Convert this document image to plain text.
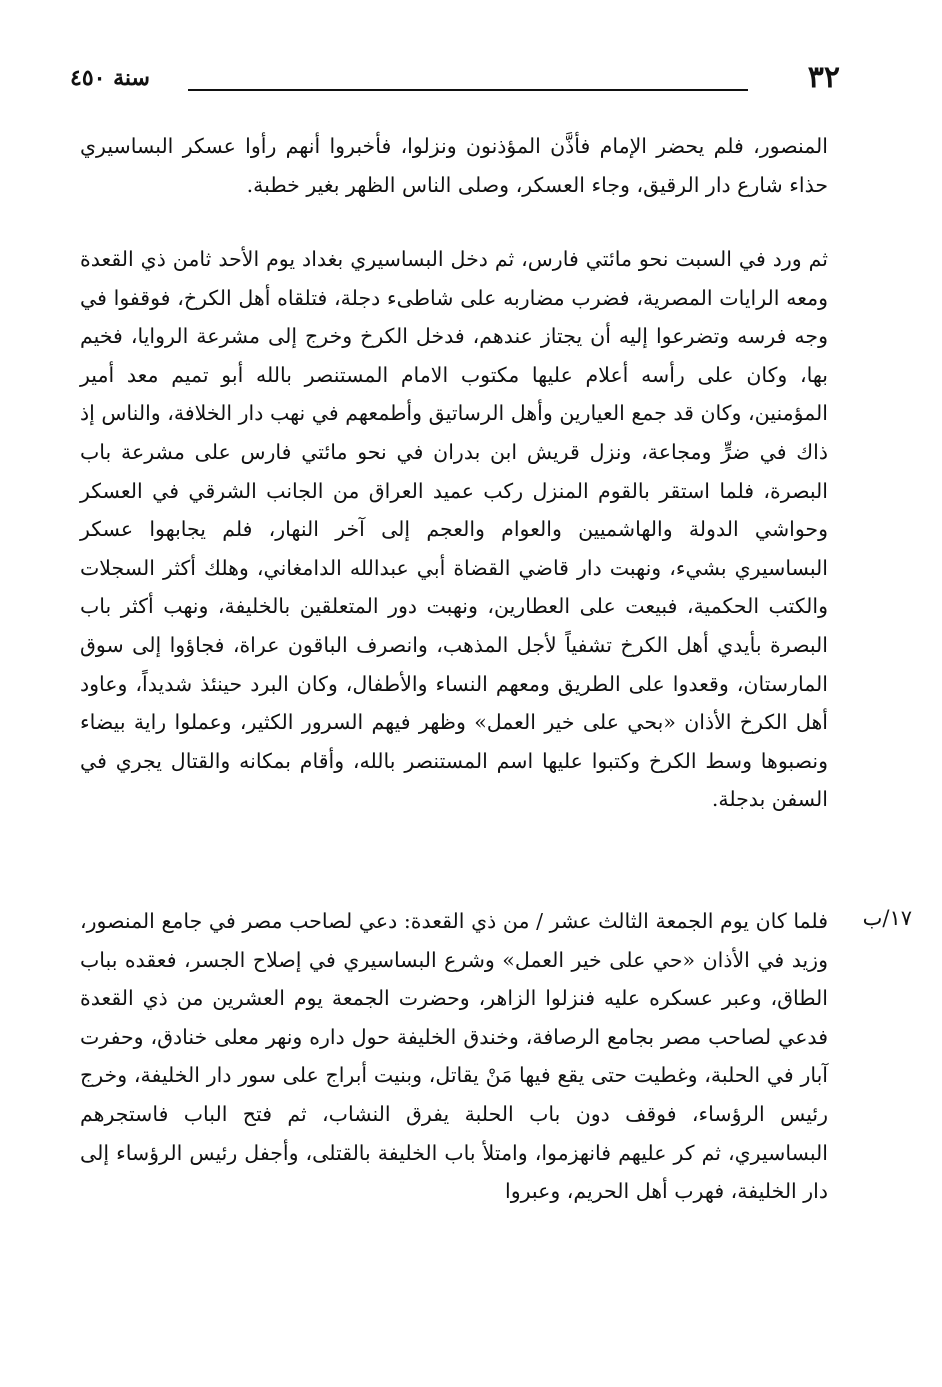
٣٢
سنة ٤٥٠

المنصور، فلم يحضر الإمام فأذَّن المؤذنون ونزلوا، فأخبروا أنهم رأوا عسكر البساسيري حذاء شارع دار الرقيق، وجاء العسكر، وصلى الناس الظهر بغير خطبة.

ثم ورد في السبت نحو مائتي فارس، ثم دخل البساسيري بغداد يوم الأحد ثامن ذي القعدة ومعه الرايات المصرية، فضرب مضاربه على شاطىء دجلة، فتلقاه أهل الكرخ، فوقفوا في وجه فرسه وتضرعوا إليه أن يجتاز عندهم، فدخل الكرخ وخرج إلى مشرعة الروايا، فخيم بها، وكان على رأسه أعلام عليها مكتوب الامام المستنصر بالله أبو تميم معد أمير المؤمنين، وكان قد جمع العيارين وأهل الرساتيق وأطمعهم في نهب دار الخلافة، والناس إذ ذاك في ضرٍّ ومجاعة، ونزل قريش ابن بدران في نحو مائتي فارس على مشرعة باب البصرة، فلما استقر بالقوم المنزل ركب عميد العراق من الجانب الشرقي في العسكر وحواشي الدولة والهاشميين والعوام والعجم إلى آخر النهار، فلم يجابهوا عسكر البساسيري بشيء، ونهبت دار قاضي القضاة أبي عبدالله الدامغاني، وهلك أكثر السجلات والكتب الحكمية، فبيعت على العطارين، ونهبت دور المتعلقين بالخليفة، ونهب أكثر باب البصرة بأيدي أهل الكرخ تشفياً لأجل المذهب، وانصرف الباقون عراة، فجاؤوا إلى سوق المارستان، وقعدوا على الطريق ومعهم النساء والأطفال، وكان البرد حينئذ شديداً، وعاود أهل الكرخ الأذان «بحي على خير العمل» وظهر فيهم السرور الكثير، وعملوا راية بيضاء ونصبوها وسط الكرخ وكتبوا عليها اسم المستنصر بالله، وأقام بمكانه والقتال يجري في السفن بدجلة.

١٧/ب

فلما كان يوم الجمعة الثالث عشر / من ذي القعدة: دعي لصاحب مصر في جامع المنصور، وزيد في الأذان «حي على خير العمل» وشرع البساسيري في إصلاح الجسر، فعقده بباب الطاق، وعبر عسكره عليه فنزلوا الزاهر، وحضرت الجمعة يوم العشرين من ذي القعدة فدعي لصاحب مصر بجامع الرصافة، وخندق الخليفة حول داره ونهر معلى خنادق، وحفرت آبار في الحلبة، وغطيت حتى يقع فيها مَنْ يقاتل، وبنيت أبراج على سور دار الخليفة، وخرج رئيس الرؤساء، فوقف دون باب الحلبة يفرق النشاب، ثم فتح الباب فاستجرهم البساسيري، ثم كر عليهم فانهزموا، وامتلأ باب الخليفة بالقتلى، وأجفل رئيس الرؤساء إلى دار الخليفة، فهرب أهل الحريم، وعبروا
